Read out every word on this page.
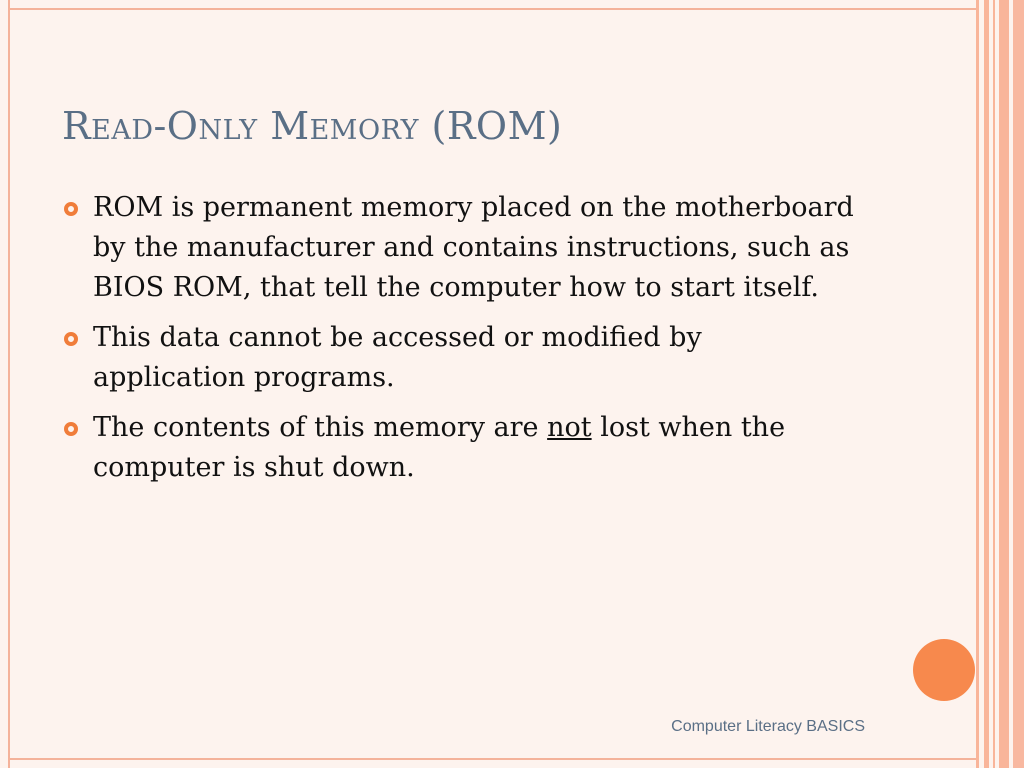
Read-Only Memory (ROM)
ROM is permanent memory placed on the motherboard by the manufacturer and contains instructions, such as BIOS ROM, that tell the computer how to start itself.
This data cannot be accessed or modified by application programs.
The contents of this memory are not lost when the computer is shut down.
Computer Literacy BASICS
